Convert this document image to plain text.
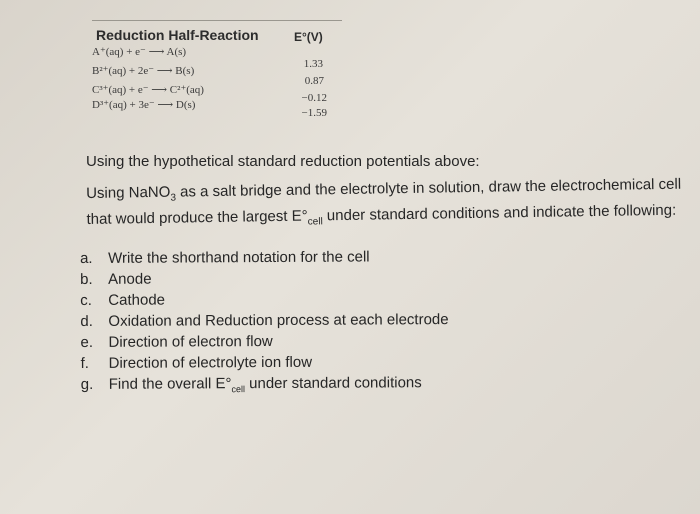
Reduction Half-Reaction	E°(V)
A⁺(aq) + e⁻ ⟶ A(s)
1.33
B²⁺(aq) + 2e⁻ ⟶ B(s)
0.87
C³⁺(aq) + e⁻ ⟶ C²⁺(aq)
−0.12
D³⁺(aq) + 3e⁻ ⟶ D(s)
−1.59
Using the hypothetical standard reduction potentials above:
Using NaNO$_3$ as a salt bridge and the electrolyte in solution, draw the electrochemical cell that would produce the largest $E^\circ_{cell}$ under standard conditions and indicate the following:
a. Write the shorthand notation for the cell
b. Anode
c. Cathode
d. Oxidation and Reduction process at each electrode
e. Direction of electron flow
f. Direction of electrolyte ion flow
g. Find the overall $E^\circ_{cell}$ under standard conditions
